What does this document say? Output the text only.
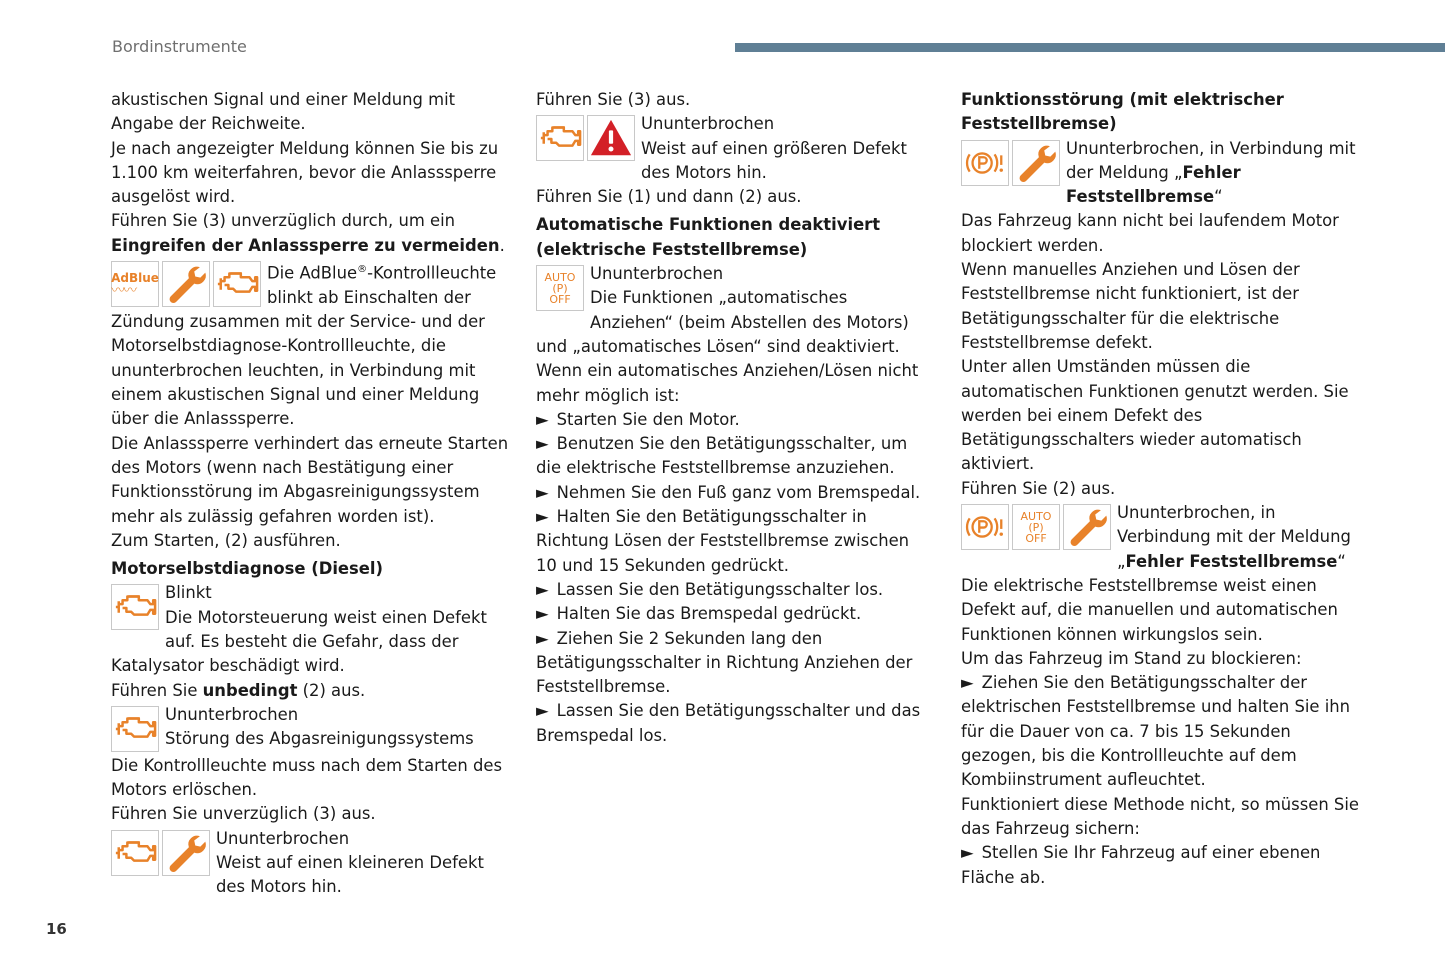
Bordinstrumente
16

akustischen Signal und einer Meldung mit Angabe der Reichweite.

Je nach angezeigter Meldung können Sie bis zu 1.100 km weiterfahren, bevor die Anlasssperre ausgelöst wird.

Führen Sie (3) unverzüglich durch, um ein Eingreifen der Anlasssperre zu vermeiden.

AdBlue
〰〰
Die AdBlue®-Kontrollleuchte blinkt ab Einschalten der Zündung zusammen mit der Service- und der Motorselbstdiagnose-Kontrollleuchte, die ununterbrochen leuchten, in Verbindung mit einem akustischen Signal und einer Meldung über die Anlasssperre.

Die Anlasssperre verhindert das erneute Starten des Motors (wenn nach Bestätigung einer Funktionsstörung im Abgasreinigungssystem mehr als zulässig gefahren worden ist).

Zum Starten, (2) ausführen.

Motorselbstdiagnose (Diesel)

Blinkt
Die Motorsteuerung weist einen Defekt auf. Es besteht die Gefahr, dass der Katalysator beschädigt wird.

Führen Sie unbedingt (2) aus.

Ununterbrochen
Störung des Abgasreinigungssystems

Die Kontrollleuchte muss nach dem Starten des Motors erlöschen.

Führen Sie unverzüglich (3) aus.

Ununterbrochen
Weist auf einen kleineren Defekt des Motors hin.

Führen Sie (3) aus.

Ununterbrochen
Weist auf einen größeren Defekt des Motors hin.

Führen Sie (1) und dann (2) aus.

Automatische Funktionen deaktiviert (elektrische Feststellbremse)

AUTO
(P)
OFF
Ununterbrochen
Die Funktionen „automatisches Anziehen“ (beim Abstellen des Motors) und „automatisches Lösen“ sind deaktiviert.

Wenn ein automatisches Anziehen/Lösen nicht mehr möglich ist:

► Starten Sie den Motor.

► Benutzen Sie den Betätigungsschalter, um die elektrische Feststellbremse anzuziehen.

► Nehmen Sie den Fuß ganz vom Bremspedal.

► Halten Sie den Betätigungsschalter in Richtung Lösen der Feststellbremse zwischen 10 und 15 Sekunden gedrückt.

► Lassen Sie den Betätigungsschalter los.

► Halten Sie das Bremspedal gedrückt.

► Ziehen Sie 2 Sekunden lang den Betätigungsschalter in Richtung Anziehen der Feststellbremse.

► Lassen Sie den Betätigungsschalter und das Bremspedal los.

Funktionsstörung (mit elektrischer Feststellbremse)

Ununterbrochen, in Verbindung mit der Meldung „Fehler Feststellbremse“

Das Fahrzeug kann nicht bei laufendem Motor blockiert werden.

Wenn manuelles Anziehen und Lösen der Feststellbremse nicht funktioniert, ist der Betätigungsschalter für die elektrische Feststellbremse defekt.

Unter allen Umständen müssen die automatischen Funktionen genutzt werden. Sie werden bei einem Defekt des Betätigungsschalters wieder automatisch aktiviert.

Führen Sie (2) aus.

AUTO
(P)
OFF
Ununterbrochen, in Verbindung mit der Meldung „Fehler Feststellbremse“

Die elektrische Feststellbremse weist einen Defekt auf, die manuellen und automatischen Funktionen können wirkungslos sein.

Um das Fahrzeug im Stand zu blockieren:

► Ziehen Sie den Betätigungsschalter der elektrischen Feststellbremse und halten Sie ihn für die Dauer von ca. 7 bis 15 Sekunden gezogen, bis die Kontrollleuchte auf dem Kombiinstrument aufleuchtet.

Funktioniert diese Methode nicht, so müssen Sie das Fahrzeug sichern:

► Stellen Sie Ihr Fahrzeug auf einer ebenen Fläche ab.
